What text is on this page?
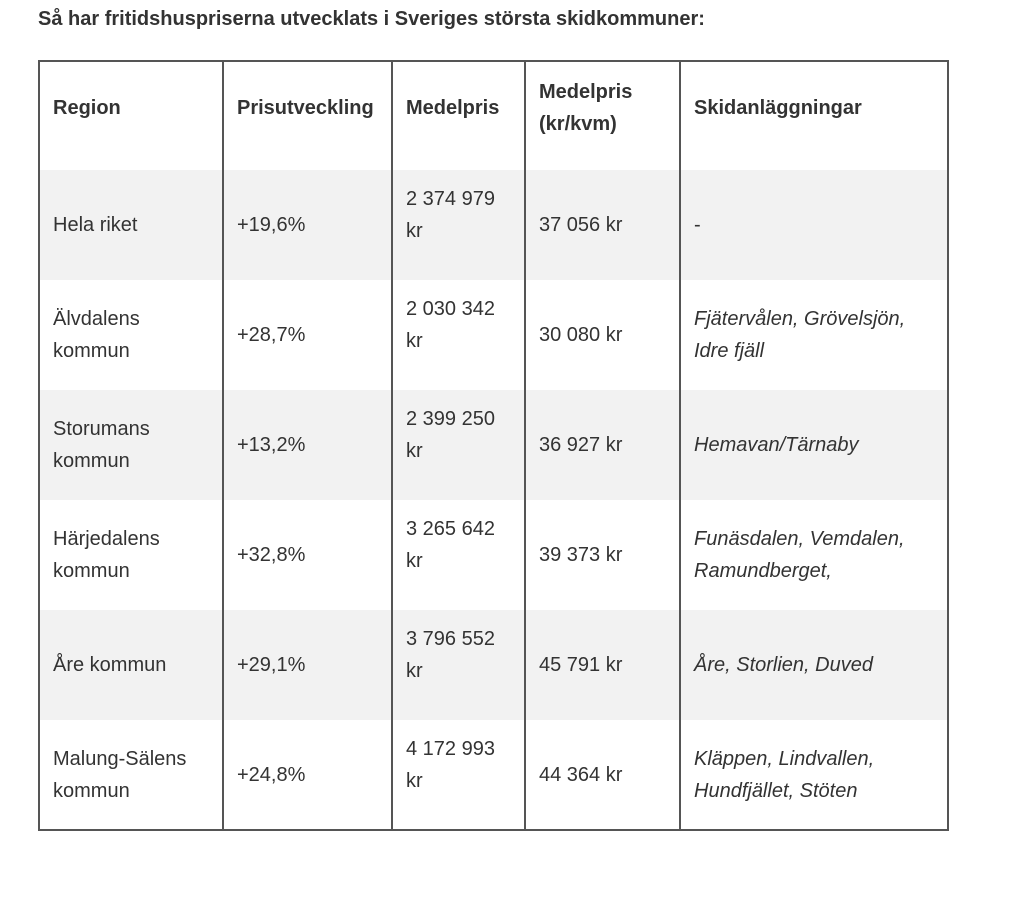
Så har fritidshuspriserna utvecklats i Sveriges största skidkommuner:
Region	Prisutveckling	Medelpris	Medelpris (kr/kvm)	Skidanläggningar
Hela riket	+19,6%	2 374 979 kr	37 056 kr	-
Älvdalens kommun	+28,7%	2 030 342 kr	30 080 kr	Fjätervålen, Grövelsjön, Idre fjäll
Storumans kommun	+13,2%	2 399 250 kr	36 927 kr	Hemavan/Tärnaby
Härjedalens kommun	+32,8%	3 265 642 kr	39 373 kr	Funäsdalen, Vemdalen, Ramundberget,
Åre kommun	+29,1%	3 796 552 kr	45 791 kr	Åre, Storlien, Duved
Malung-Sälens kommun	+24,8%	4 172 993 kr	44 364 kr	Kläppen, Lindvallen, Hundfjället, Stöten
